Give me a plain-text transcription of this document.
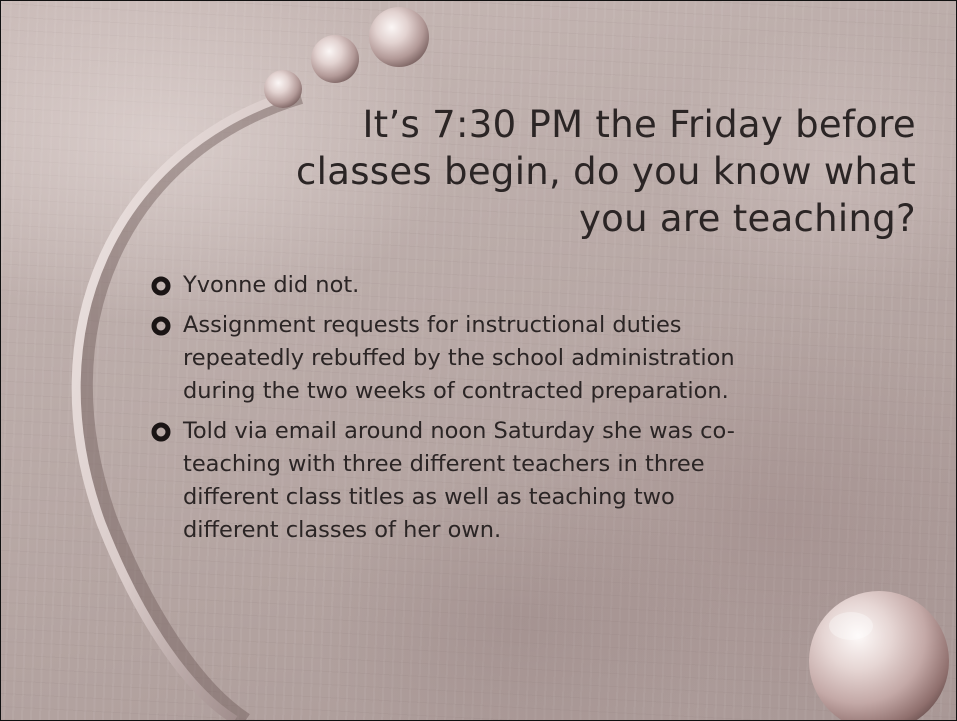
It’s 7:30 PM the Friday before
classes begin, do you know what
you are teaching?
Yvonne did not.
Assignment requests for instructional duties
repeatedly rebuffed by the school administration
during the two weeks of contracted preparation.
Told via email around noon Saturday she was co-
teaching with three different teachers in three
different class titles as well as teaching two
different classes of her own.
